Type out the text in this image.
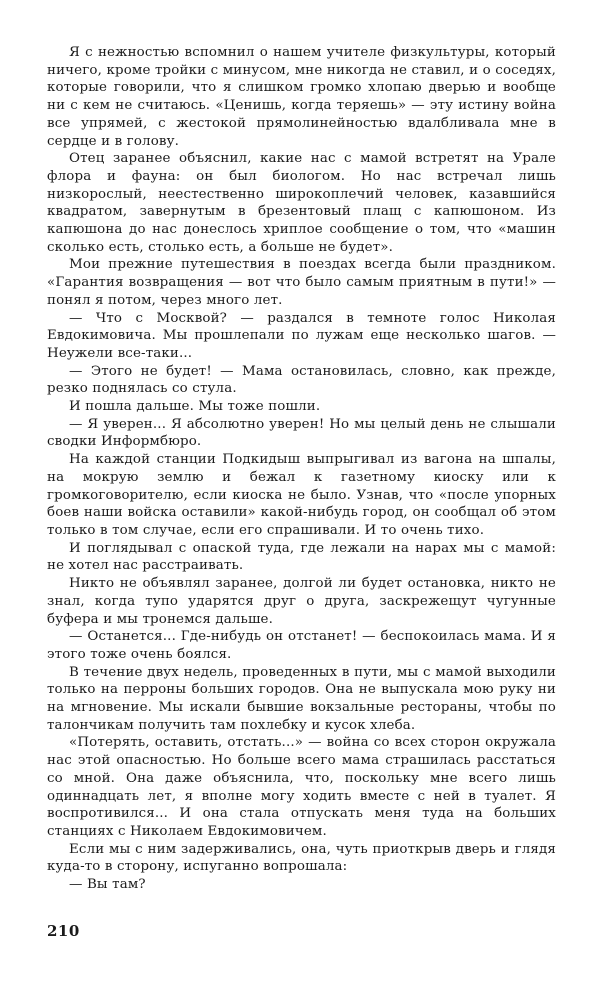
Я с нежностью вспомнил о нашем учителе физкультуры, который ничего, кроме тройки с минусом, мне никогда не ставил, и о соседях, которые говорили, что я слишком громко хлопаю дверью и вообще ни с кем не считаюсь. «Ценишь, когда теряешь» — эту истину война все упрямей, с жестокой прямолинейностью вдалбливала мне в сердце и в голову.

Отец заранее объяснил, какие нас с мамой встретят на Урале флора и фауна: он был биологом. Но нас встречал лишь низкорослый, неестественно широкоплечий человек, казавшийся квадратом, завернутым в брезентовый плащ с капюшоном. Из капюшона до нас донеслось хриплое сообщение о том, что «машин сколько есть, столько есть, а больше не будет».

Мои прежние путешествия в поездах всегда были праздником. «Гарантия возвращения — вот что было самым приятным в пути!» — понял я потом, через много лет.

— Что с Москвой? — раздался в темноте голос Николая Евдокимовича. Мы прошлепали по лужам еще несколько шагов. — Неужели все-таки...

— Этого не будет! — Мама остановилась, словно, как прежде, резко поднялась со стула.

И пошла дальше. Мы тоже пошли.

— Я уверен... Я абсолютно уверен! Но мы целый день не слышали сводки Информбюро.

На каждой станции Подкидыш выпрыгивал из вагона на шпалы, на мокрую землю и бежал к газетному киоску или к громкоговорителю, если киоска не было. Узнав, что «после упорных боев наши войска оставили» какой-нибудь город, он сообщал об этом только в том случае, если его спрашивали. И то очень тихо.

И поглядывал с опаской туда, где лежали на нарах мы с мамой: не хотел нас расстраивать.

Никто не объявлял заранее, долгой ли будет остановка, никто не знал, когда тупо ударятся друг о друга, заскрежещут чугунные буфера и мы тронемся дальше.

— Останется... Где-нибудь он отстанет! — беспокоилась мама. И я этого тоже очень боялся.

В течение двух недель, проведенных в пути, мы с мамой выходили только на перроны больших городов. Она не выпускала мою руку ни на мгновение. Мы искали бывшие вокзальные рестораны, чтобы по талончикам получить там похлебку и кусок хлеба.

«Потерять, оставить, отстать...» — война со всех сторон окружала нас этой опасностью. Но больше всего мама страшилась расстаться со мной. Она даже объяснила, что, поскольку мне всего лишь одиннадцать лет, я вполне могу ходить вместе с ней в туалет. Я воспротивился... И она стала отпускать меня туда на больших станциях с Николаем Евдокимовичем.

Если мы с ним задерживались, она, чуть приоткрыв дверь и глядя куда-то в сторону, испуганно вопрошала:

— Вы там?

210
